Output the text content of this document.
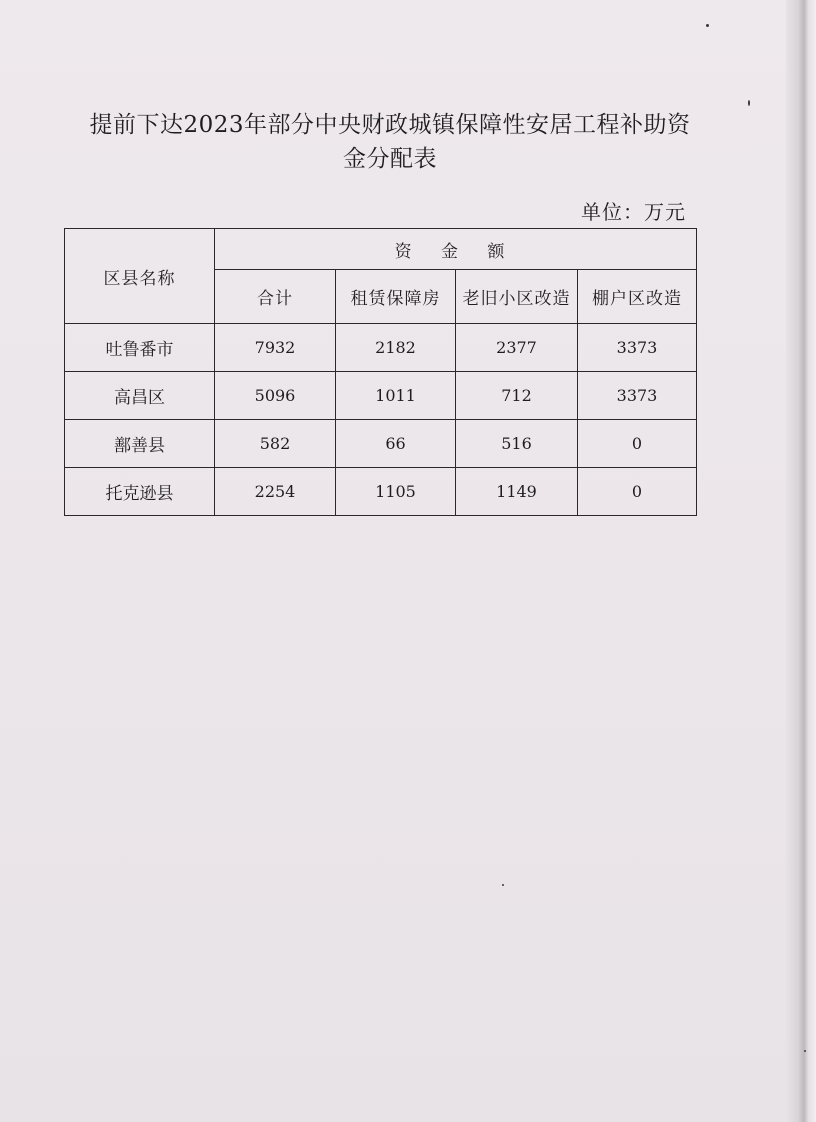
提前下达2023年部分中央财政城镇保障性安居工程补助资
金分配表
单位：万元
区县名称	资 金 额			
	合计	租赁保障房	老旧小区改造	棚户区改造
吐鲁番市	7932	2182	2377	3373
高昌区	5096	1011	712	3373
鄯善县	582	66	516	0
托克逊县	2254	1105	1149	0
